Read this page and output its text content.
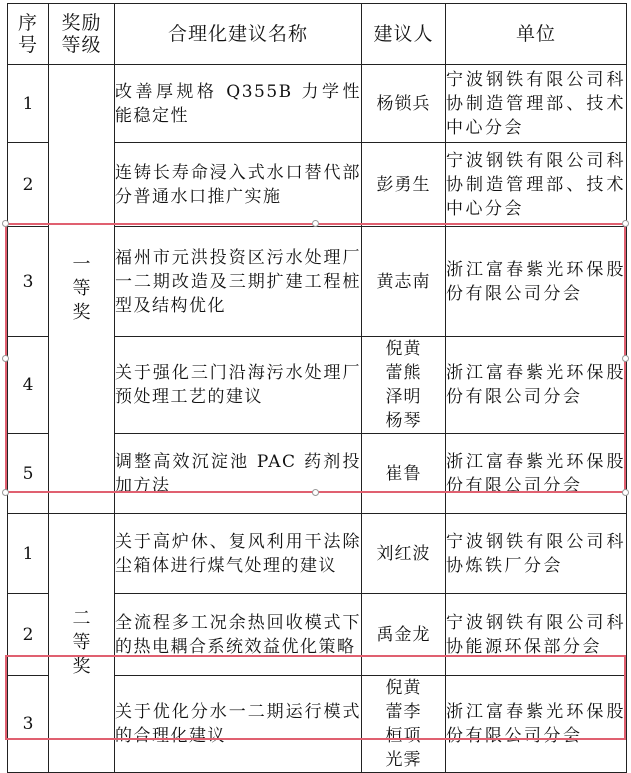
序号	奖励等级	合理化建议名称	建议人	单位
1	一等奖	改善厚规格 Q355B 力学性能稳定性	杨锁兵	宁波钢铁有限公司科协制造管理部、技术中心分会
2		连铸长寿命浸入式水口替代部分普通水口推广实施	彭勇生	宁波钢铁有限公司科协制造管理部、技术中心分会
3		福州市元洪投资区污水处理厂一二期改造及三期扩建工程桩型及结构优化	黄志南	浙江富春紫光环保股份有限公司分会
4		关于强化三门沿海污水处理厂预处理工艺的建议	倪黄蕾熊泽明杨琴	浙江富春紫光环保股份有限公司分会
5		调整高效沉淀池 PAC 药剂投加方法	崔鲁	浙江富春紫光环保股份有限公司分会
1	二等奖	关于高炉休、复风利用干法除尘箱体进行煤气处理的建议	刘红波	宁波钢铁有限公司科协炼铁厂分会
2		全流程多工况余热回收模式下的热电耦合系统效益优化策略	禹金龙	宁波钢铁有限公司科协能源环保部分会
3		关于优化分水一二期运行模式的合理化建议	倪黄蕾李桓项光霁	浙江富春紫光环保股份有限公司分会
